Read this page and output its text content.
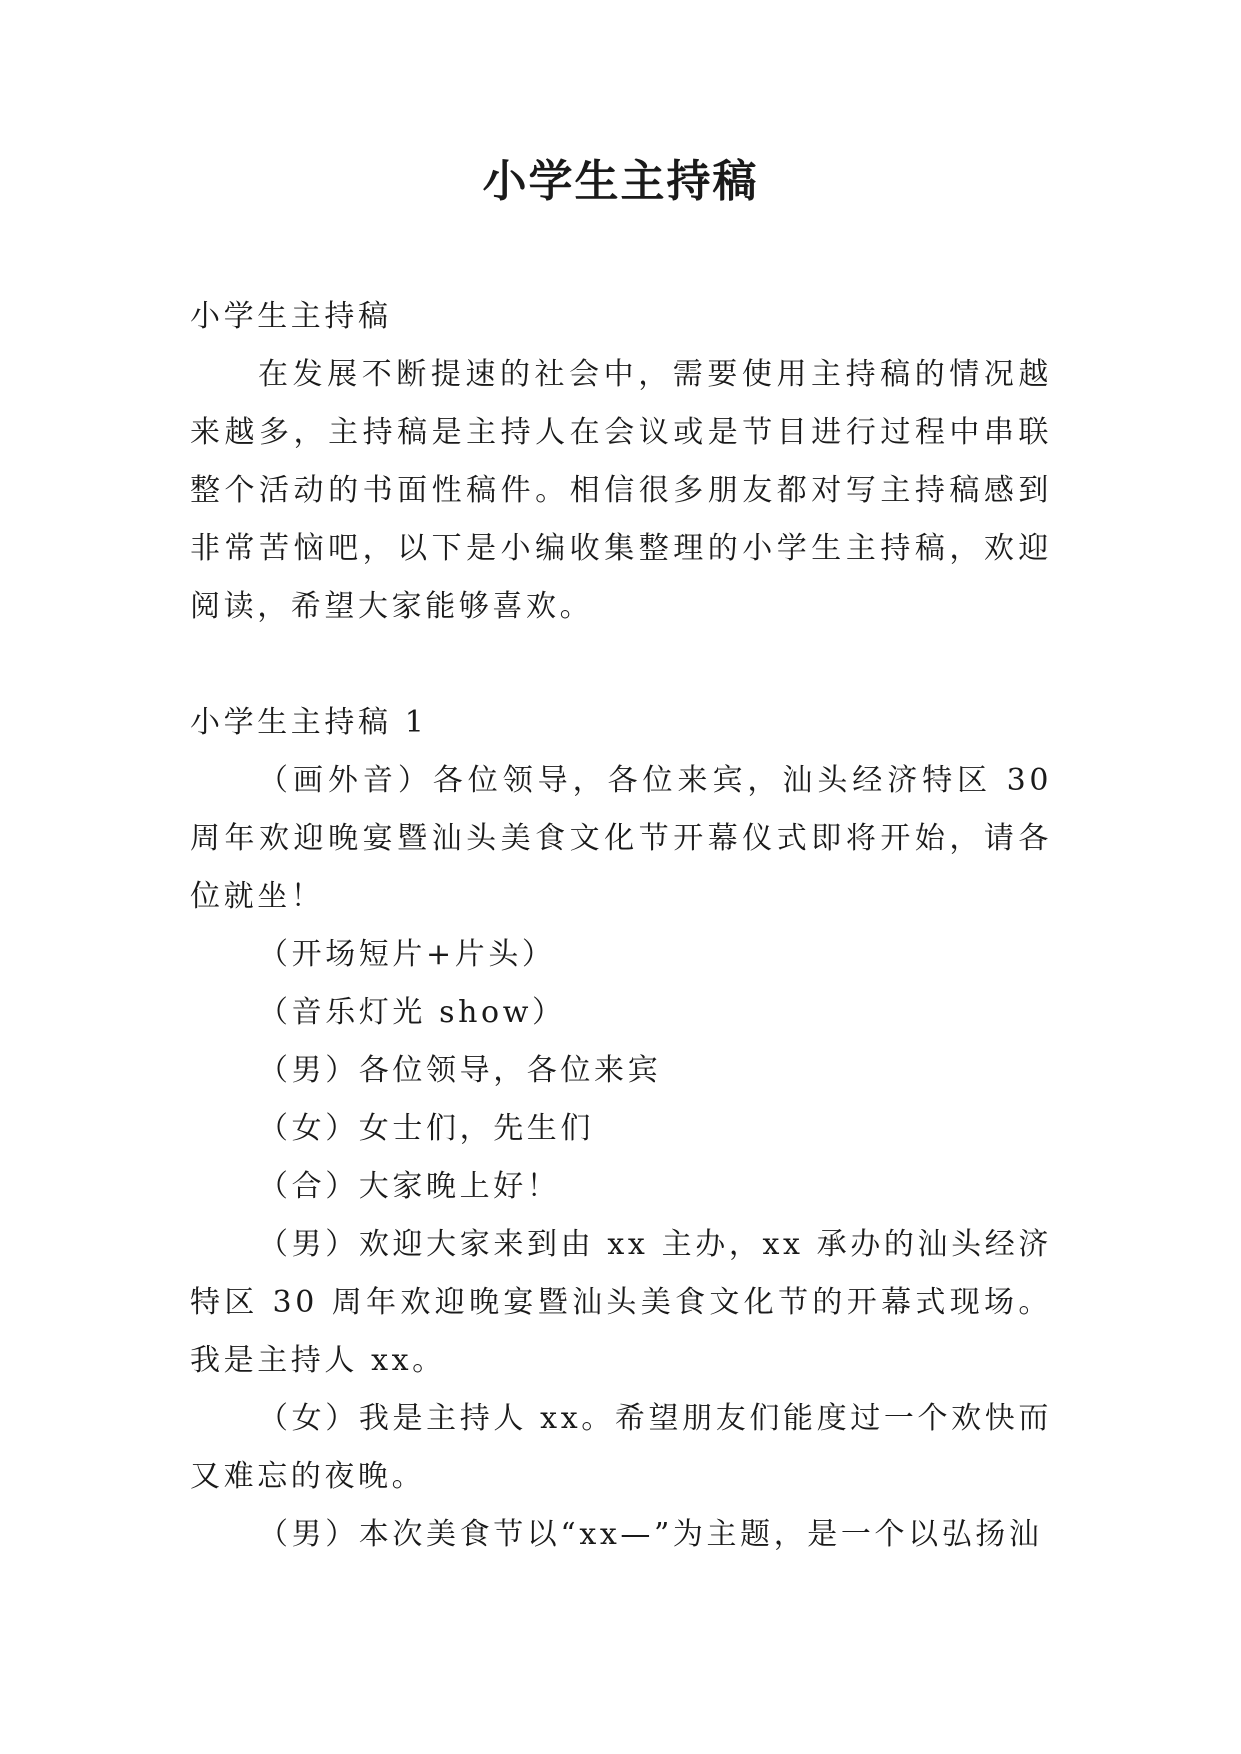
小学生主持稿

小学生主持稿

在发展不断提速的社会中，需要使用主持稿的情况越来越多，主持稿是主持人在会议或是节目进行过程中串联整个活动的书面性稿件。相信很多朋友都对写主持稿感到非常苦恼吧，以下是小编收集整理的小学生主持稿，欢迎阅读，希望大家能够喜欢。

小学生主持稿 1

（画外音）各位领导，各位来宾，汕头经济特区 30 周年欢迎晚宴暨汕头美食文化节开幕仪式即将开始，请各位就坐！

（开场短片+片头）

（音乐灯光 show）

（男）各位领导，各位来宾

（女）女士们，先生们

（合）大家晚上好！

（男）欢迎大家来到由 xx 主办，xx 承办的汕头经济特区 30 周年欢迎晚宴暨汕头美食文化节的开幕式现场。我是主持人 xx。

（女）我是主持人 xx。希望朋友们能度过一个欢快而又难忘的夜晚。

（男）本次美食节以“xx—”为主题，是一个以弘扬汕
